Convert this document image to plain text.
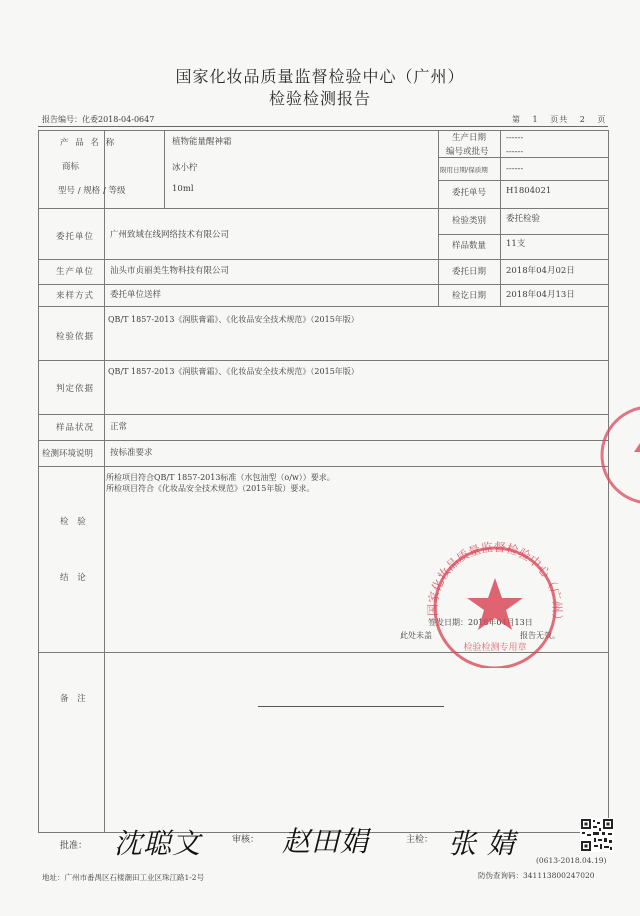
国家化妆品质量监督检验中心（广州）
检验检测报告
报告编号：化委2018-04-0647	第 1 页共 2 页
产 品 名 称	植物能量醒神霜
商标	冰小柠
型号 / 规格 / 等级	10ml
生产日期 ------
编号或批号 ------
限用日期/保质期 ------
委托单号 H1804021
委托单位 广州致域在线网络技术有限公司
检验类别 委托检验
样品数量 11支
生产单位 汕头市贞丽美生物科技有限公司	委托日期 2018年04月02日
来样方式 委托单位送样	检讫日期 2018年04月13日
检验依据
QB/T 1857-2013《润肤膏霜》、《化妆品安全技术规范》（2015年版）
判定依据
QB/T 1857-2013《润肤膏霜》、《化妆品安全技术规范》（2015年版）
样品状况 正常
检测环境说明 按标准要求
检 验
结 论
所检项目符合QB/T 1857-2013标准（水包油型（o/w））要求。
所检项目符合《化妆品安全技术规范》（2015年版）要求。
签发日期：2018年04月13日
此处未盖	报告无效。
备 注
国家化妆品质量监督检验中心（广州）
检验检测专用章
批准： 沈聪文	审核： 赵田娟	主检： 张 婧
地址：广州市番禺区石楼潮田工业区珠江路1-2号
(0613-2018.04.19)
防伪查询码：341113800247020
